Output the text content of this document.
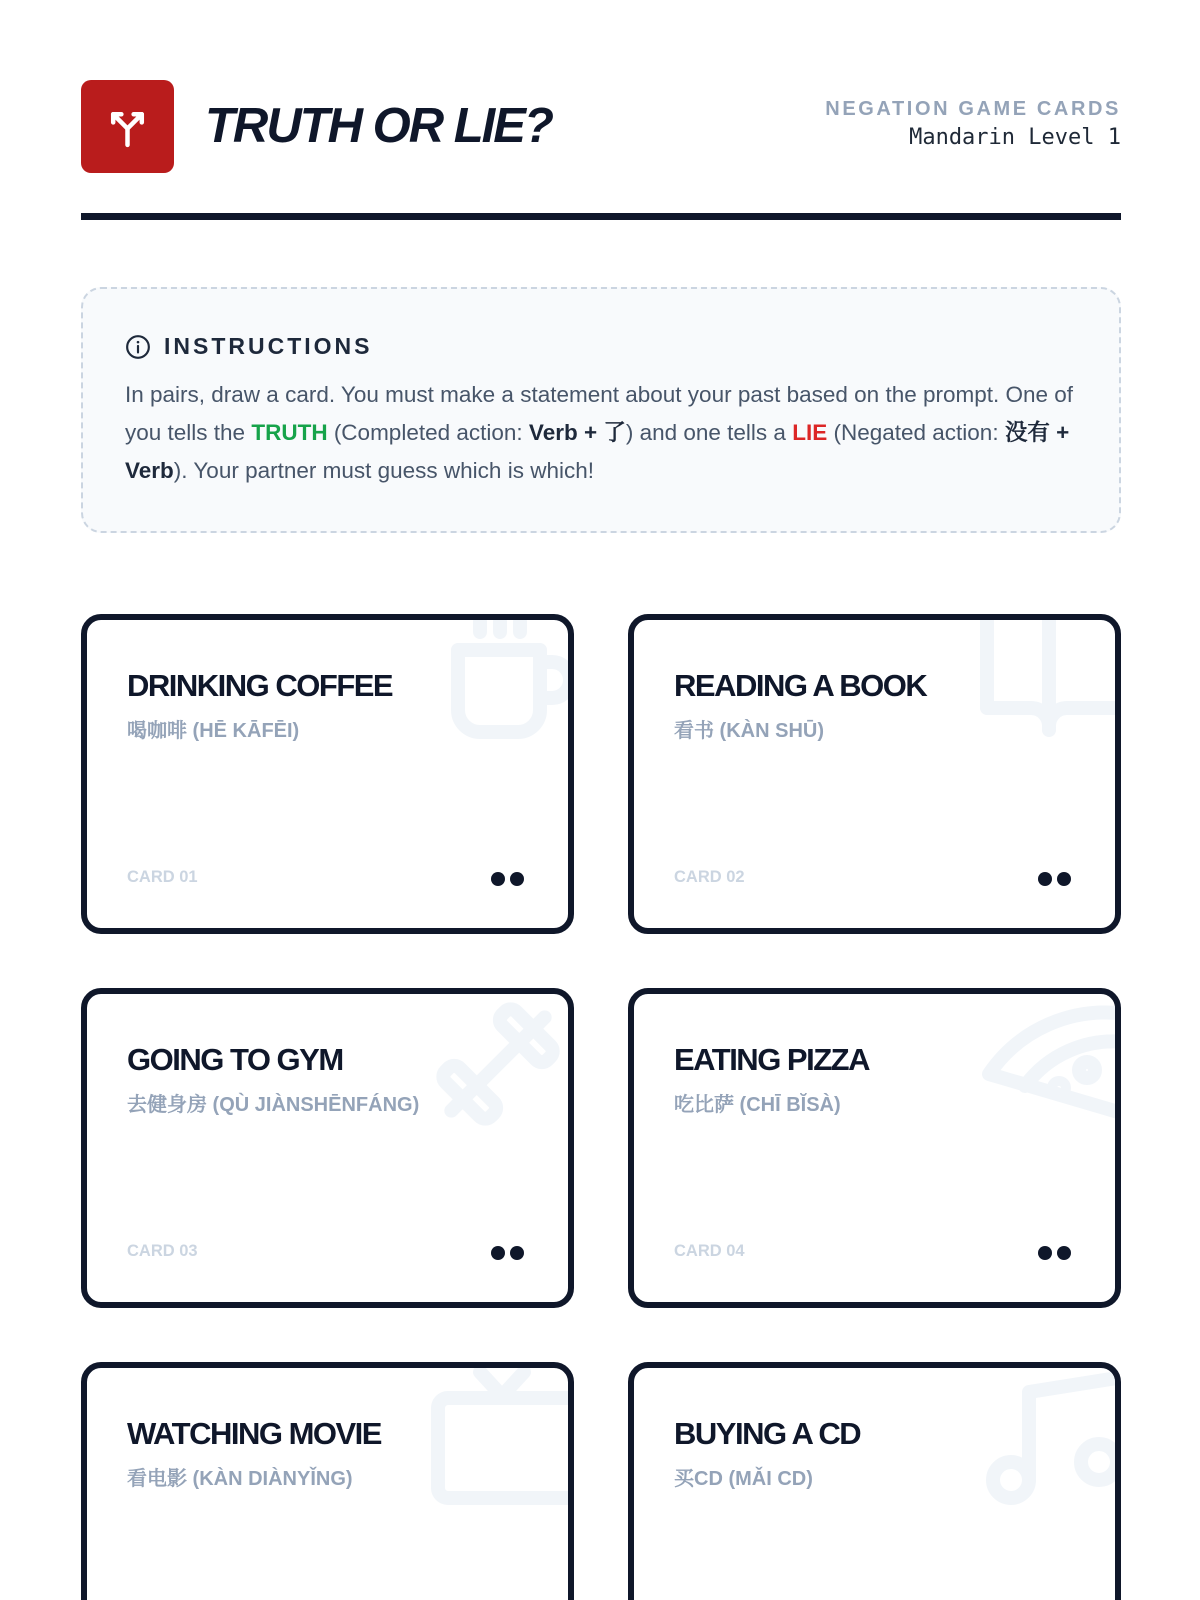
TRUTH OR LIE?	NEGATION GAME CARDS
Mandarin Level 1
INSTRUCTIONS

In pairs, draw a card. You must make a statement about your past based on the prompt. One of you tells the TRUTH (Completed action: Verb + 了) and one tells a LIE (Negated action: 没有 + Verb). Your partner must guess which is which!

DRINKING COFFEE
喝咖啡 (HĒ KĀFĒI)
CARD 01
READING A BOOK
看书 (KÀN SHŪ)
CARD 02
GOING TO GYM
去健身房 (QÙ JIÀNSHĒNFÁNG)
CARD 03
EATING PIZZA
吃比萨 (CHĪ BĬSÀ)
CARD 04
WATCHING MOVIE
看电影 (KÀN DIÀNYǏNG)
BUYING A CD
买CD (MǍI CD)
